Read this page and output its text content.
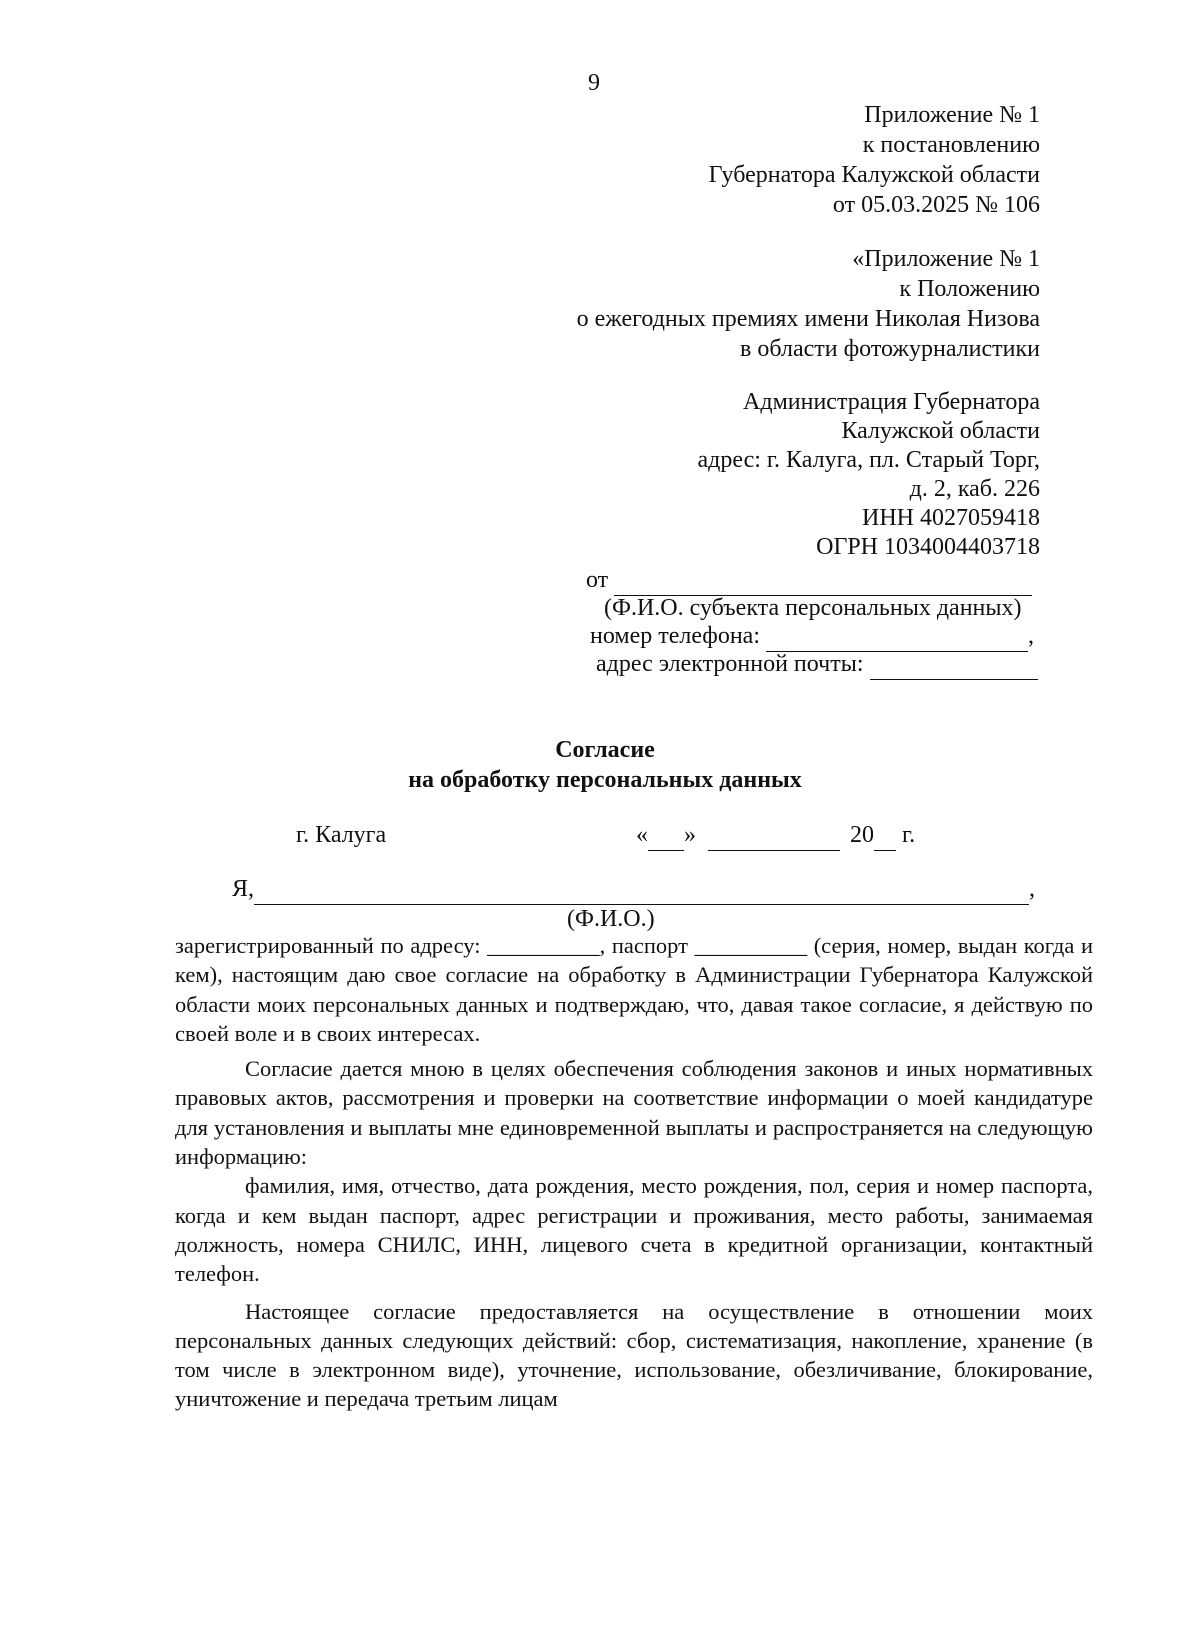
9
Приложение № 1
к постановлению
Губернатора Калужской области
от 05.03.2025 № 106
«Приложение № 1
к Положению
о ежегодных премиях имени Николая Низова
в области фотожурналистики
Администрация Губернатора
Калужской области
адрес: г. Калуга, пл. Старый Торг,
д. 2, каб. 226
ИНН 4027059418
ОГРН 1034004403718
от
(Ф.И.О. субъекта персональных данных)
номер телефона:	,
адрес электронной почты:
Согласие
на обработку персональных данных
г. Калуга	« »	20 г.
Я,	,
(Ф.И.О.)

зарегистрированный по адресу: __________, паспорт __________ (серия, номер, выдан когда и кем), настоящим даю свое согласие на обработку в Администрации Губернатора Калужской области моих персональных данных и подтверждаю, что, давая такое согласие, я действую по своей воле и в своих интересах.

Согласие дается мною в целях обеспечения соблюдения законов и иных нормативных правовых актов, рассмотрения и проверки на соответствие информации о моей кандидатуре для установления и выплаты мне единовременной выплаты и распространяется на следующую информацию:

фамилия, имя, отчество, дата рождения, место рождения, пол, серия и номер паспорта, когда и кем выдан паспорт, адрес регистрации и проживания, место работы, занимаемая должность, номера СНИЛС, ИНН, лицевого счета в кредитной организации, контактный телефон.

Настоящее согласие предоставляется на осуществление в отношении моих персональных данных следующих действий: сбор, систематизация, накопление, хранение (в том числе в электронном виде), уточнение, использование, обезличивание, блокирование, уничтожение и передача третьим лицам
